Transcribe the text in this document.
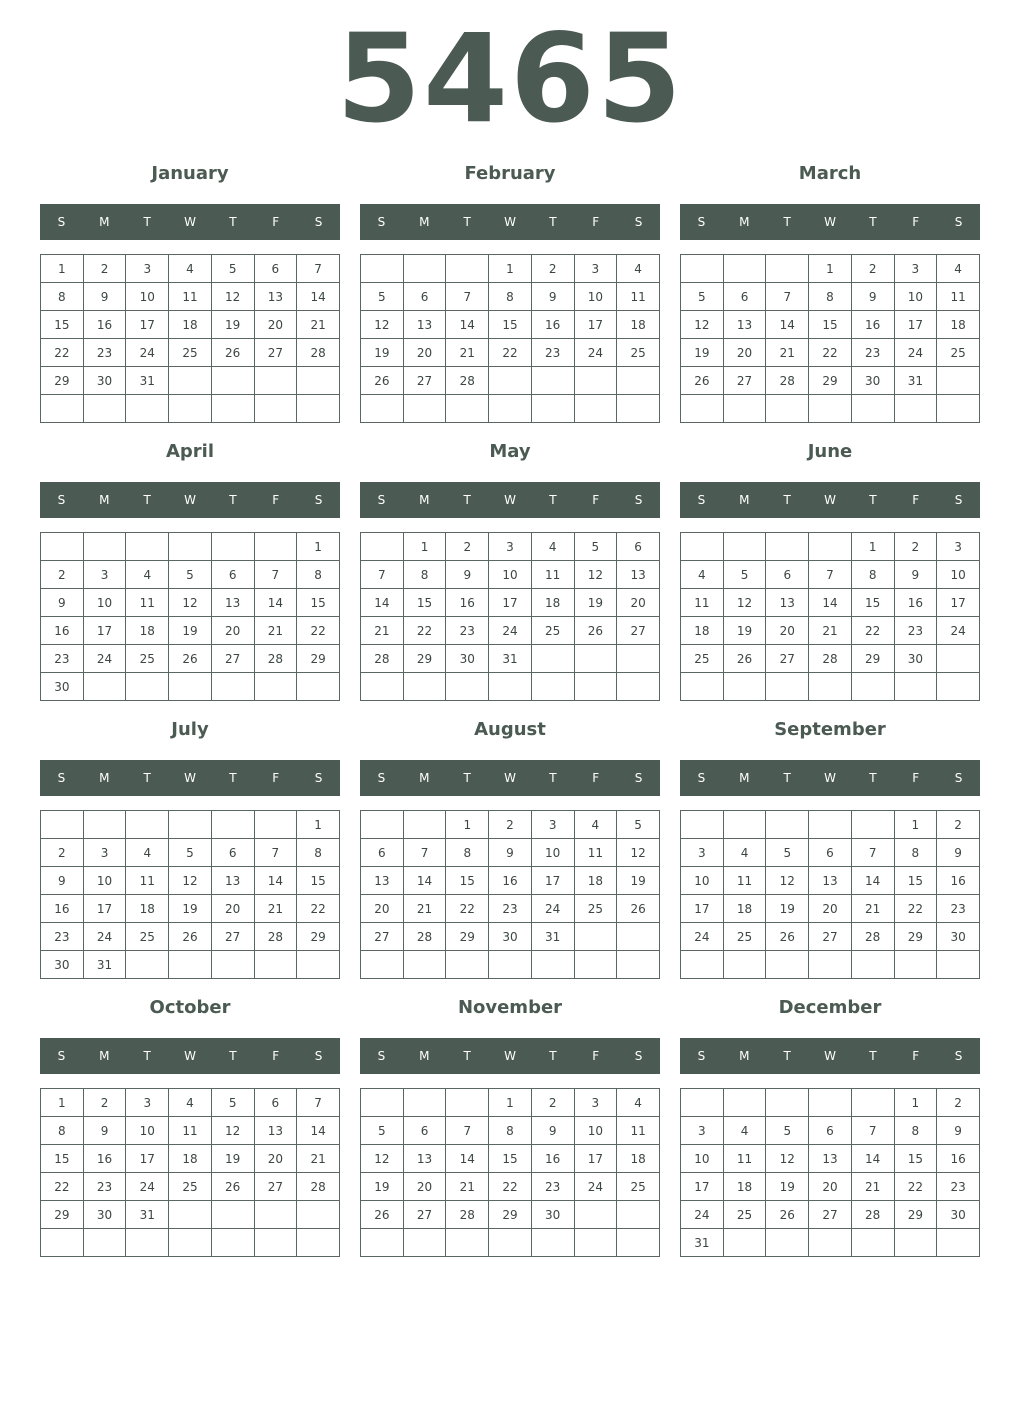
5465
January
S	M	T	W	T	F	S
1	2	3	4	5	6	7
8	9	10	11	12	13	14
15	16	17	18	19	20	21
22	23	24	25	26	27	28
29	30	31				

February
S	M	T	W	T	F	S
			1	2	3	4
5	6	7	8	9	10	11
12	13	14	15	16	17	18
19	20	21	22	23	24	25
26	27	28				

March
S	M	T	W	T	F	S
			1	2	3	4
5	6	7	8	9	10	11
12	13	14	15	16	17	18
19	20	21	22	23	24	25
26	27	28	29	30	31	

April
S	M	T	W	T	F	S
						1
2	3	4	5	6	7	8
9	10	11	12	13	14	15
16	17	18	19	20	21	22
23	24	25	26	27	28	29
30						
May
S	M	T	W	T	F	S
	1	2	3	4	5	6
7	8	9	10	11	12	13
14	15	16	17	18	19	20
21	22	23	24	25	26	27
28	29	30	31			

June
S	M	T	W	T	F	S
				1	2	3
4	5	6	7	8	9	10
11	12	13	14	15	16	17
18	19	20	21	22	23	24
25	26	27	28	29	30	

July
S	M	T	W	T	F	S
						1
2	3	4	5	6	7	8
9	10	11	12	13	14	15
16	17	18	19	20	21	22
23	24	25	26	27	28	29
30	31					
August
S	M	T	W	T	F	S
		1	2	3	4	5
6	7	8	9	10	11	12
13	14	15	16	17	18	19
20	21	22	23	24	25	26
27	28	29	30	31		

September
S	M	T	W	T	F	S
					1	2
3	4	5	6	7	8	9
10	11	12	13	14	15	16
17	18	19	20	21	22	23
24	25	26	27	28	29	30

October
S	M	T	W	T	F	S
1	2	3	4	5	6	7
8	9	10	11	12	13	14
15	16	17	18	19	20	21
22	23	24	25	26	27	28
29	30	31				

November
S	M	T	W	T	F	S
			1	2	3	4
5	6	7	8	9	10	11
12	13	14	15	16	17	18
19	20	21	22	23	24	25
26	27	28	29	30		

December
S	M	T	W	T	F	S
					1	2
3	4	5	6	7	8	9
10	11	12	13	14	15	16
17	18	19	20	21	22	23
24	25	26	27	28	29	30
31						
